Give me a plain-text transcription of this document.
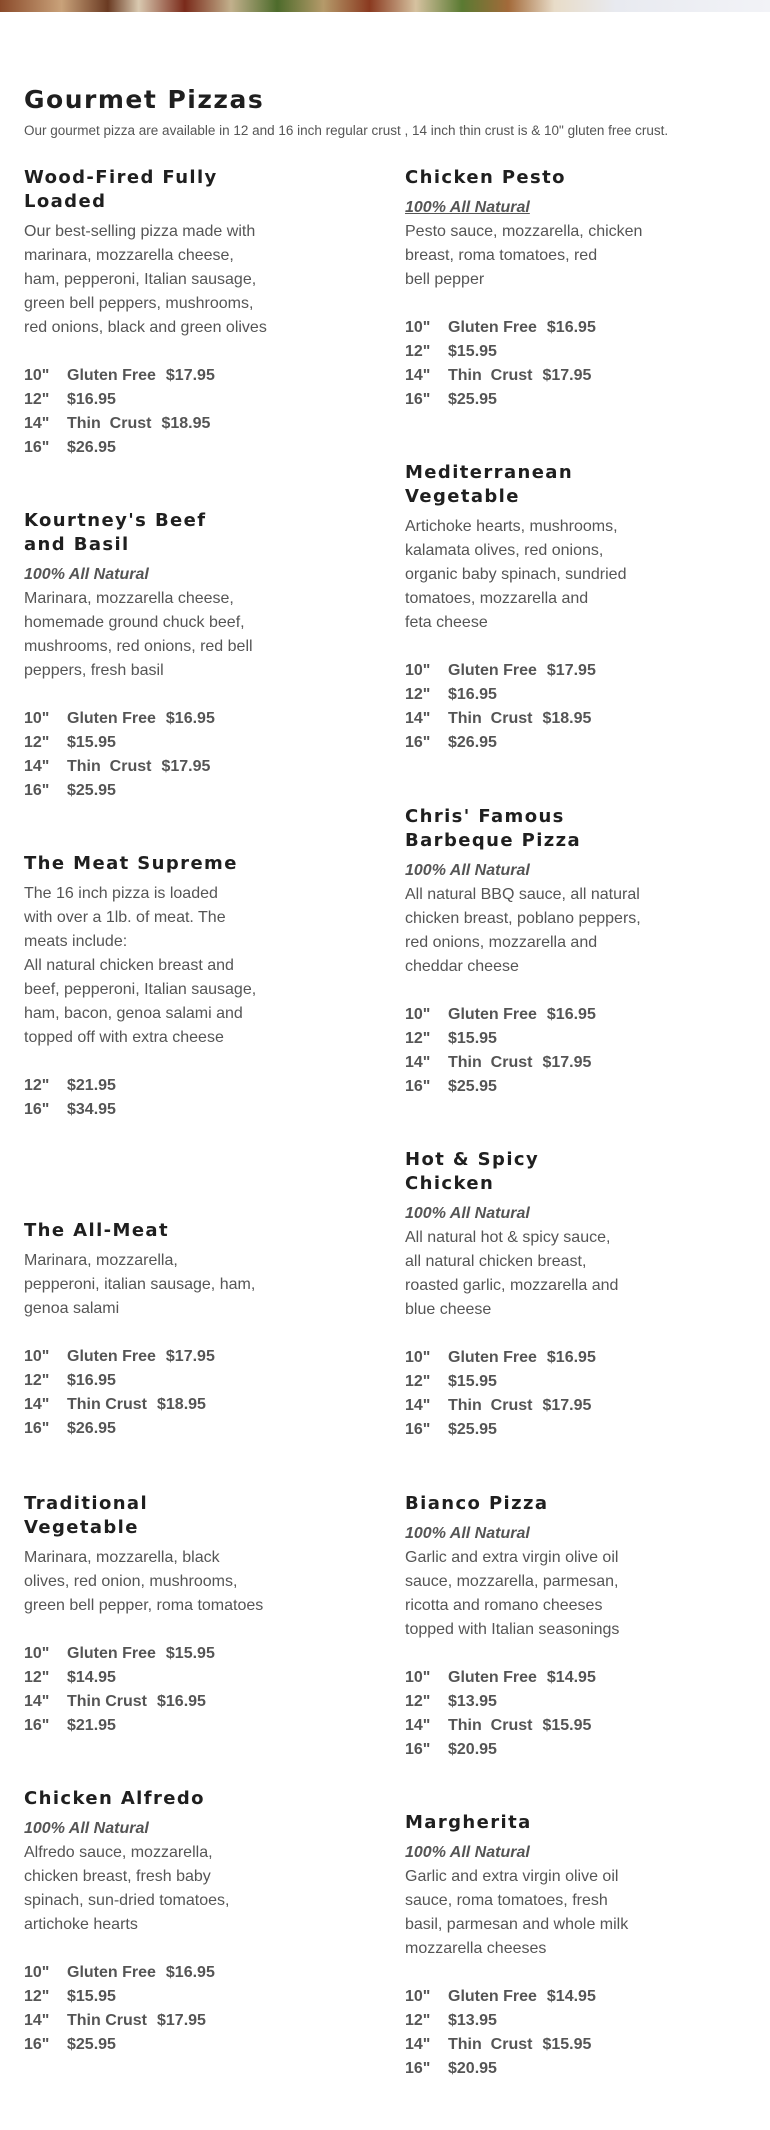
Gourmet Pizzas
Our gourmet pizza are available in 12 and 16 inch regular crust , 14 inch thin crust is & 10" gluten free crust.
Wood-Fired Fully
Loaded
Our best-selling pizza made with
marinara, mozzarella cheese,
ham, pepperoni, Italian sausage,
green bell peppers, mushrooms,
red onions, black and green olives
10" Gluten Free $17.95
12" $16.95
14" Thin  Crust $18.95
16" $26.95
Kourtney's Beef
and Basil
100% All Natural
Marinara, mozzarella cheese,
homemade ground chuck beef,
mushrooms, red onions, red bell
peppers, fresh basil
10" Gluten Free $16.95
12" $15.95
14" Thin  Crust $17.95
16" $25.95
The Meat Supreme
The 16 inch pizza is loaded
with over a 1lb. of meat. The
meats include:
All natural chicken breast and
beef, pepperoni, Italian sausage,
ham, bacon, genoa salami and
topped off with extra cheese
12" $21.95
16" $34.95
The All-Meat
Marinara, mozzarella,
pepperoni, italian sausage, ham,
genoa salami
10" Gluten Free $17.95
12" $16.95
14" Thin Crust $18.95
16" $26.95
Traditional
Vegetable
Marinara, mozzarella, black
olives, red onion, mushrooms,
green bell pepper, roma tomatoes
10" Gluten Free $15.95
12" $14.95
14" Thin Crust $16.95
16" $21.95
Chicken Alfredo
100% All Natural
Alfredo sauce, mozzarella,
chicken breast, fresh baby
spinach, sun-dried tomatoes,
artichoke hearts
10" Gluten Free $16.95
12" $15.95
14" Thin Crust $17.95
16" $25.95
Chicken Pesto
100% All Natural
Pesto sauce, mozzarella, chicken
breast, roma tomatoes, red
bell pepper
10" Gluten Free $16.95
12" $15.95
14" Thin  Crust $17.95
16" $25.95
Mediterranean
Vegetable
Artichoke hearts, mushrooms,
kalamata olives, red onions,
organic baby spinach, sundried
tomatoes, mozzarella and
feta cheese
10" Gluten Free $17.95
12" $16.95
14" Thin  Crust $18.95
16" $26.95
Chris' Famous
Barbeque Pizza
100% All Natural
All natural BBQ sauce, all natural
chicken breast, poblano peppers,
red onions, mozzarella and
cheddar cheese
10" Gluten Free $16.95
12" $15.95
14" Thin  Crust $17.95
16" $25.95
Hot & Spicy
Chicken
100% All Natural
All natural hot & spicy sauce,
all natural chicken breast,
roasted garlic, mozzarella and
blue cheese
10" Gluten Free $16.95
12" $15.95
14" Thin  Crust $17.95
16" $25.95
Bianco Pizza
100% All Natural
Garlic and extra virgin olive oil
sauce, mozzarella, parmesan,
ricotta and romano cheeses
topped with Italian seasonings
10" Gluten Free $14.95
12" $13.95
14" Thin  Crust $15.95
16" $20.95
Margherita
100% All Natural
Garlic and extra virgin olive oil
sauce, roma tomatoes, fresh
basil, parmesan and whole milk
mozzarella cheeses
10" Gluten Free $14.95
12" $13.95
14" Thin  Crust $15.95
16" $20.95
